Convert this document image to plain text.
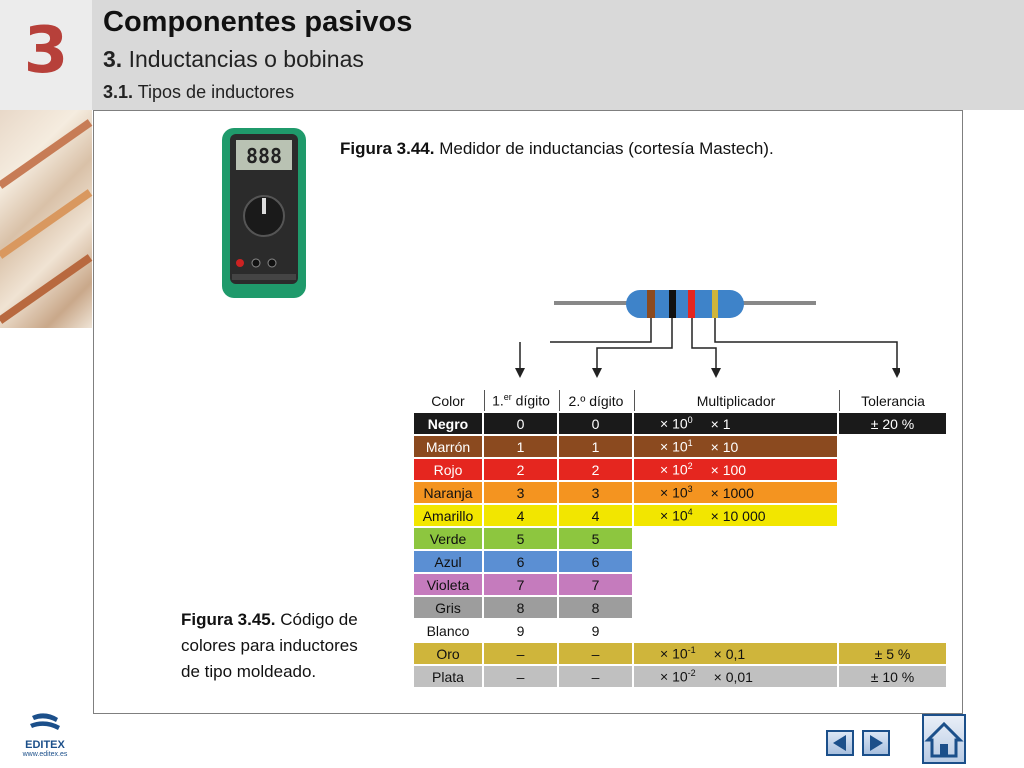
3	Componentes pasivos
3. Inductancias o bobinas
3.1. Tipos de inductores
888	Figura 3.44. Medidor de inductancias (cortesía Mastech).
Color	1.$^{er}$ dígito	2.º dígito	Multiplicador	Tolerancia
Negro	0	0	× $10^0 \times 1$	± 20 %
Marrón	1	1	× $10^1 \times 10$	
Rojo	2	2	× $10^2 \times 100$	
Naranja	3	3	× $10^3 \times 1000$	
Amarillo	4	4	× $10^4 \times 10$ 000	
Verde	5	5		
Azul	6	6		
Violeta	7	7		
Gris	8	8		
Blanco	9	9		
Oro	–	–	× $10^{-1} \times 0,1$	± 5 %
Plata	–	–	× $10^{-2} \times 0,01$	± 10 %
Figura 3.45. Código de
colores para inductores
de tipo moldeado.
EDITEX
www.editex.es
